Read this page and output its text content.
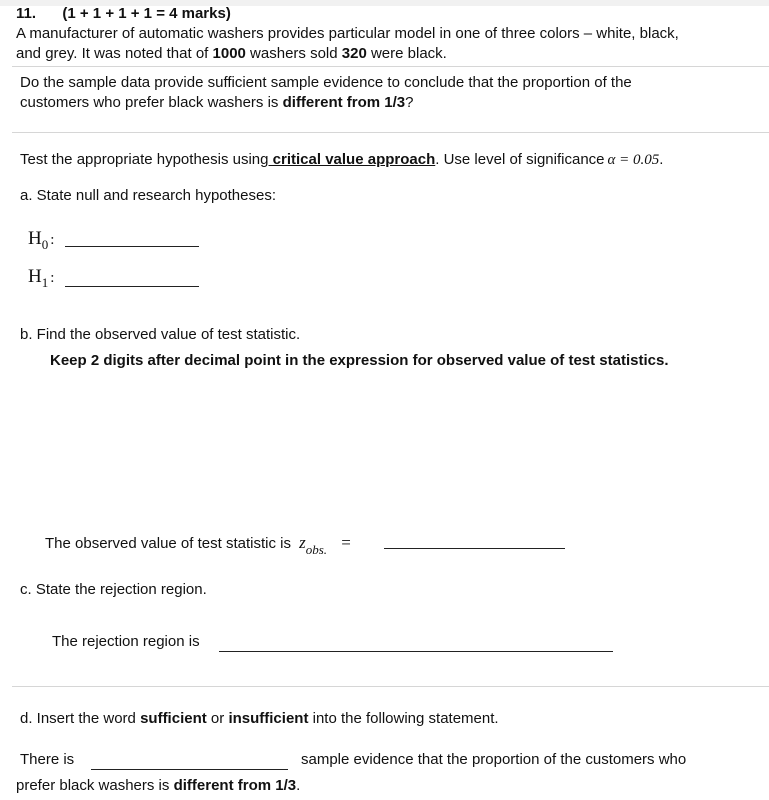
11. (1 + 1 + 1 + 1 = 4 marks)
A manufacturer of automatic washers provides particular model in one of three colors – white, black,
and grey. It was noted that of 1000 washers sold 320 were black.
Do the sample data provide sufficient sample evidence to conclude that the proportion of the
customers who prefer black washers is different from 1/3?
Test the appropriate hypothesis using critical value approach. Use level of significance α = 0.05.
a. State null and research hypotheses:
$H_0$ :
$H_1$ :
b. Find the observed value of test statistic.
Keep 2 digits after decimal point in the expression for observed value of test statistics.
The observed value of test statistic is zobs. =
c. State the rejection region.
The rejection region is
d. Insert the word sufficient or insufficient into the following statement.
There is	sample evidence that the proportion of the customers who
prefer black washers is different from 1/3.
